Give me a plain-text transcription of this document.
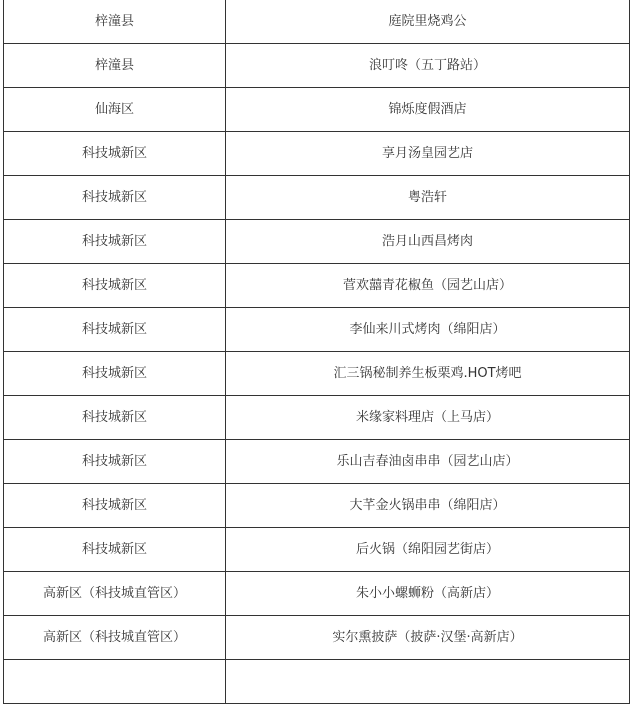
梓潼县	庭院里烧鸡公
梓潼县	浪叮咚（五丁路站）
仙海区	锦烁度假酒店
科技城新区	享月汤皇园艺店
科技城新区	粤浩轩
科技城新区	浩月山西昌烤肉
科技城新区	菅欢囍青花椒鱼（园艺山店）
科技城新区	李仙来川式烤肉（绵阳店）
科技城新区	汇三锅秘制养生板栗鸡.HOT烤吧
科技城新区	米缘家料理店（上马店）
科技城新区	乐山吉春油卤串串（园艺山店）
科技城新区	大芊金火锅串串（绵阳店）
科技城新区	后火锅（绵阳园艺街店）
高新区（科技城直管区）	朱小小螺蛳粉（高新店）
高新区（科技城直管区）	实尔熏披萨（披萨·汉堡·高新店）
